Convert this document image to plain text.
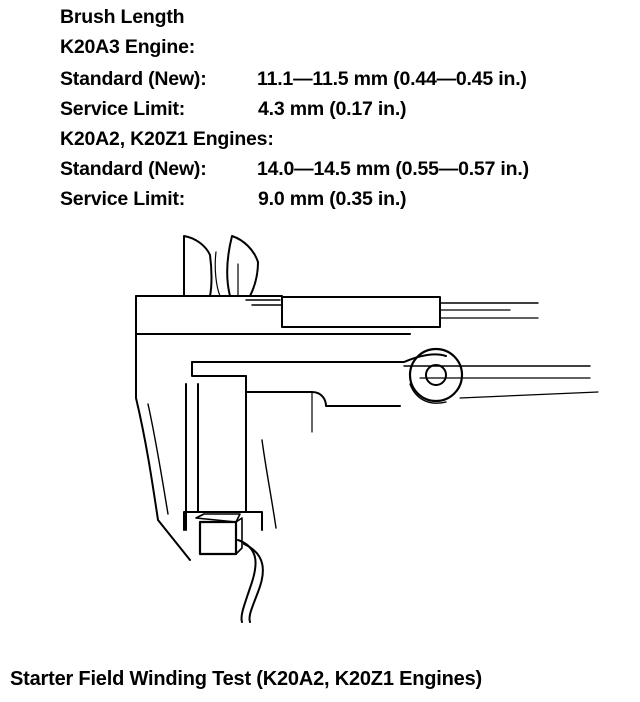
Brush Length
K20A3 Engine:
Standard (New):	11.1—11.5 mm (0.44—0.45 in.)
Service Limit:	4.3 mm (0.17 in.)
K20A2, K20Z1 Engines:
Standard (New):	14.0—14.5 mm (0.55—0.57 in.)
Service Limit:	9.0 mm (0.35 in.)
Starter Field Winding Test (K20A2, K20Z1 Engines)
